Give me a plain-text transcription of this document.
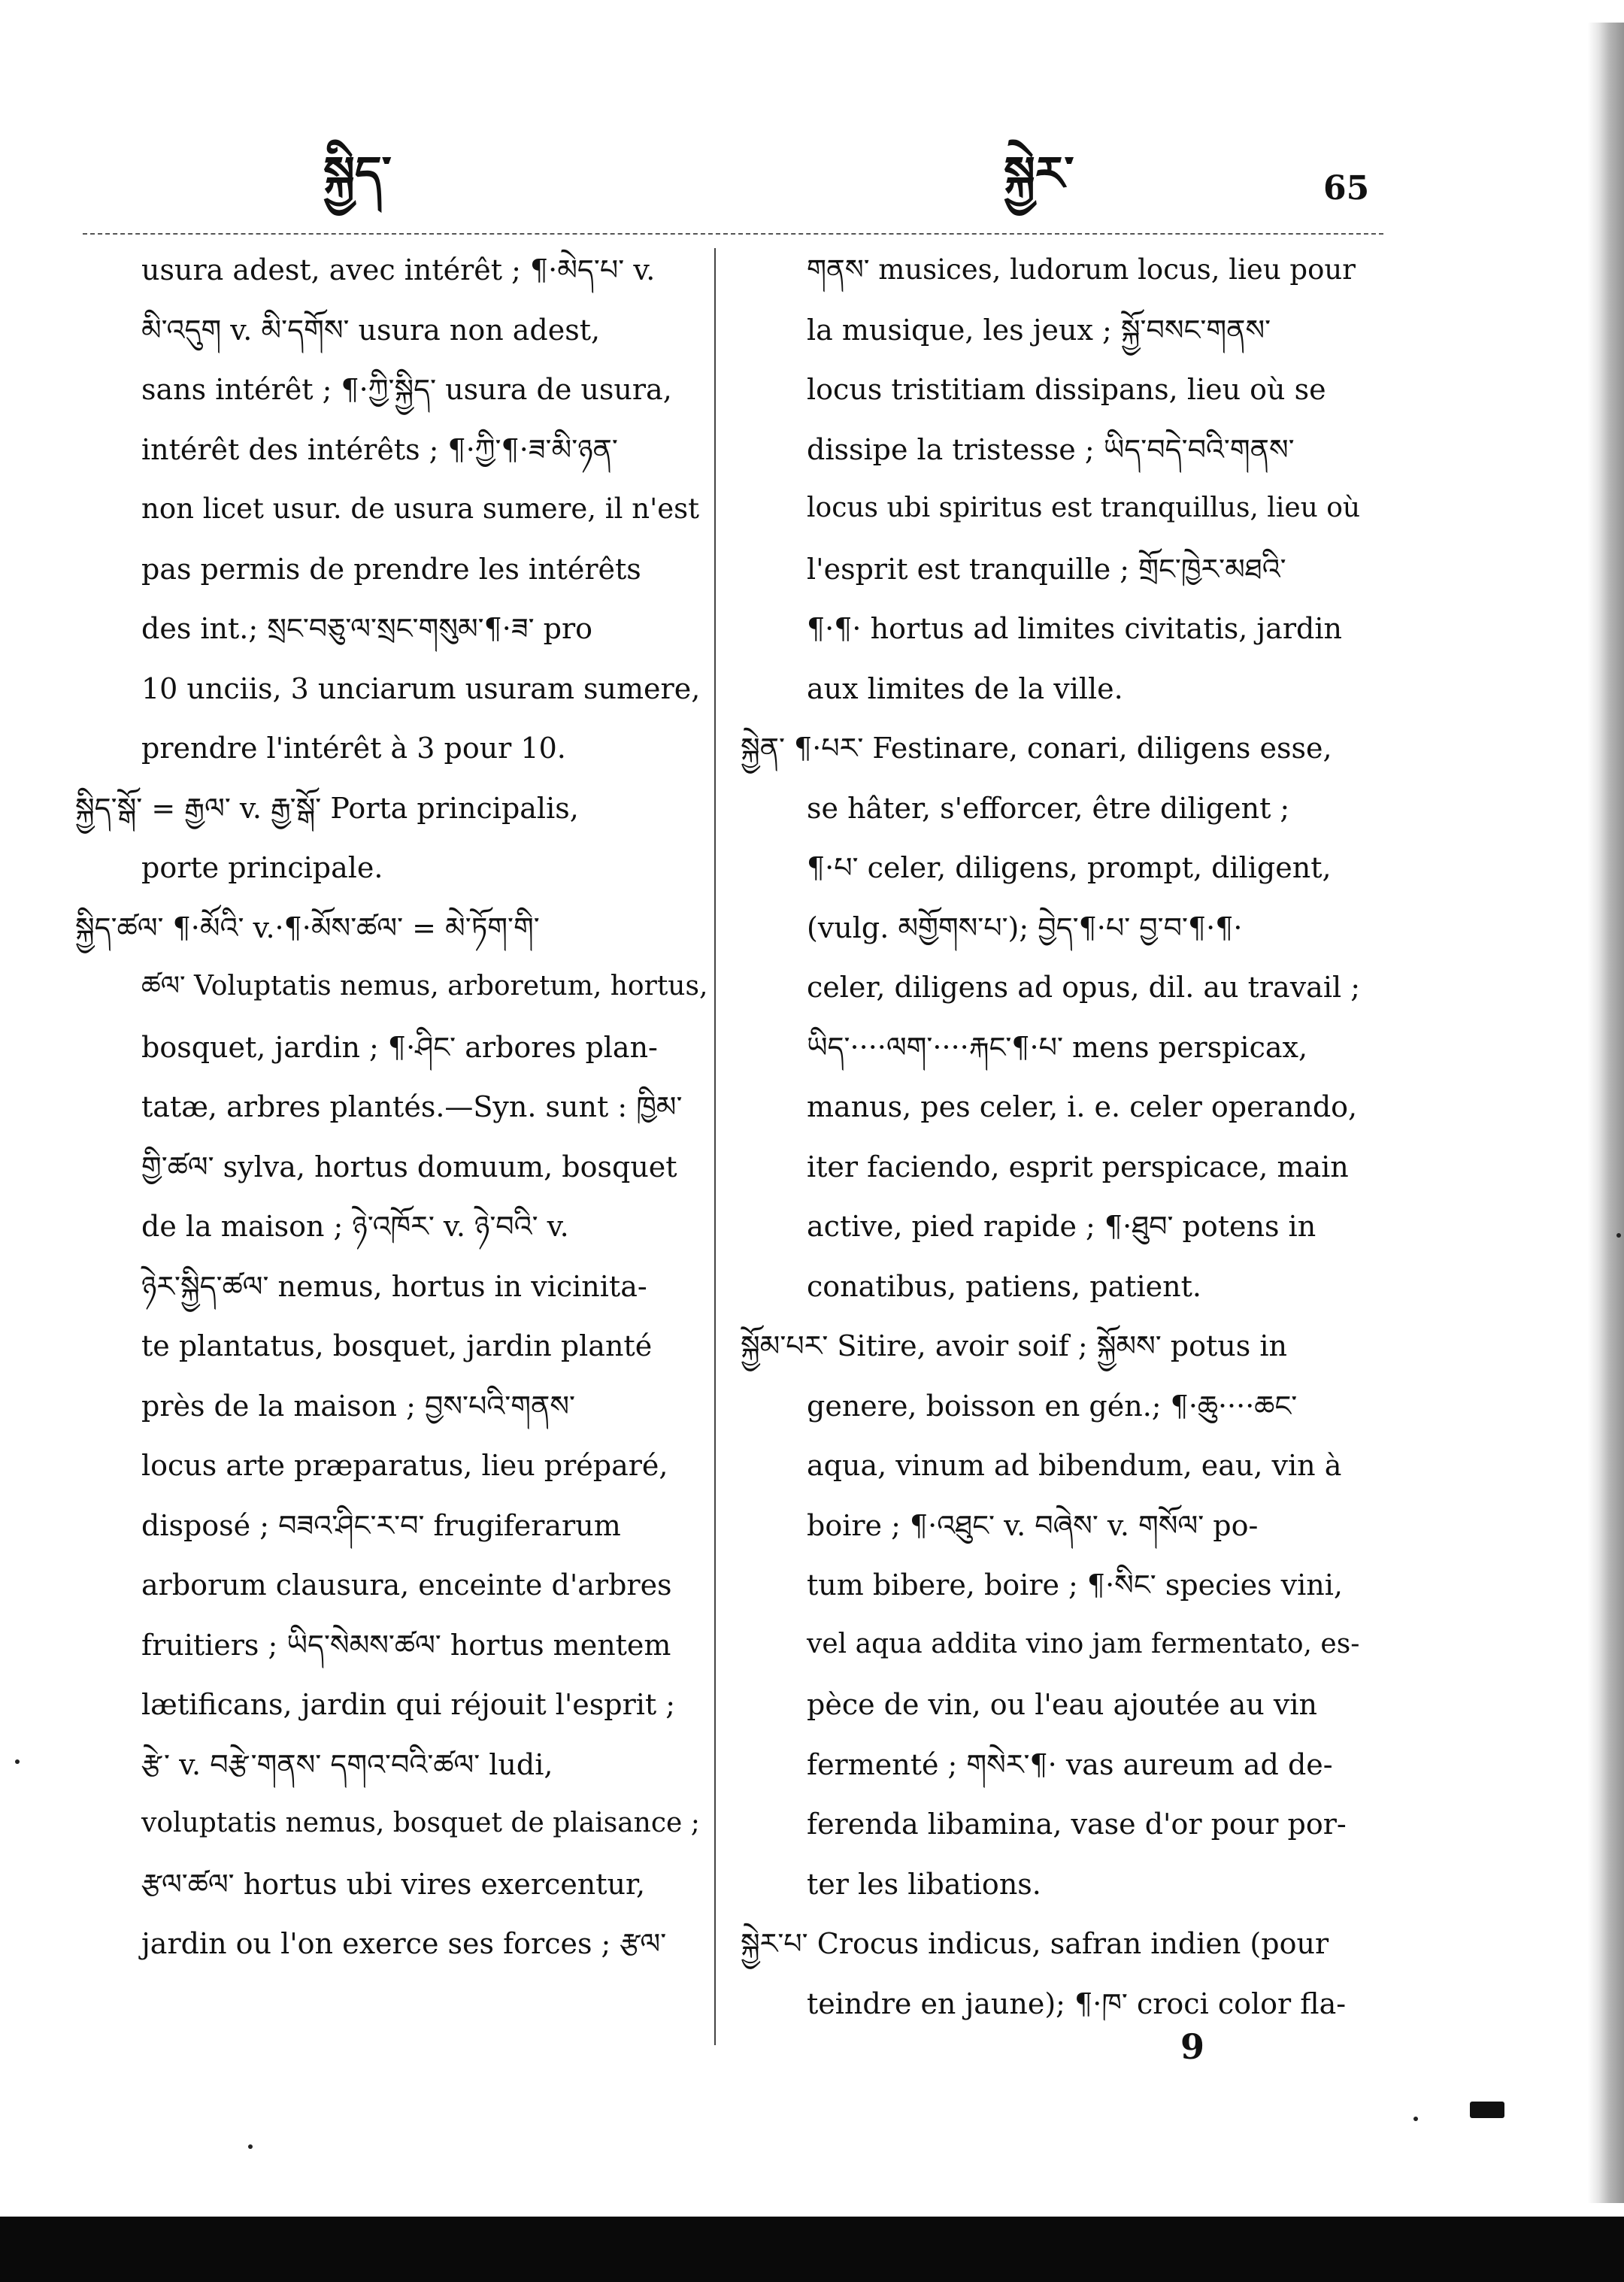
སྐྱིད་	སྐྱེར་	65
usura adest, avec intérêt ; ¶·མེད་པ་ v.
མི་འདུག v. མི་དགོས་ usura non adest,
sans intérêt ; ¶·ཀྱི་སྐྱིད་ usura de usura,
intérêt des intérêts ; ¶·ཀྱི་¶·ཟ་མི་ཉན་
non licet usur. de usura sumere, il n'est
pas permis de prendre les intérêts
des int.; སྲང་བཅུ་ལ་སྲང་གསུམ་¶·ཟ་ pro
10 unciis, 3 unciarum usuram sumere,
prendre l'intérêt à 3 pour 10.
སྐྱིད་སྒོ་ = རྒྱལ་ v. རྒྱ་སྒོ་ Porta principalis,
porte principale.
སྐྱིད་ཚལ་ ¶·མོའི་ v.·¶·མོས་ཚལ་ = མེ་ཏོག་གི་
ཚལ་ Voluptatis nemus, arboretum, hortus,
bosquet, jardin ; ¶·ཤིང་ arbores plan-
tatæ, arbres plantés.—Syn. sunt : ཁྱིམ་
གྱི་ཚལ་ sylva, hortus domuum, bosquet
de la maison ; ཉེ་འཁོར་ v. ཉེ་བའི་ v.
ཉེར་སྐྱིད་ཚལ་ nemus, hortus in vicinita-
te plantatus, bosquet, jardin planté
près de la maison ; བྱས་པའི་གནས་
locus arte præparatus, lieu préparé,
disposé ; བཟའ་ཤིང་ར་བ་ frugiferarum
arborum clausura, enceinte d'arbres
fruitiers ; ཡིད་སེམས་ཚལ་ hortus mentem
lætificans, jardin qui réjouit l'esprit ;
རྩེ་ v. བརྩེ་གནས་ དགའ་བའི་ཚལ་ ludi,
voluptatis nemus, bosquet de plaisance ;
རྩལ་ཚལ་ hortus ubi vires exercentur,
jardin ou l'on exerce ses forces ; རྩལ་
གནས་ musices, ludorum locus, lieu pour
la musique, les jeux ; སྐྱོ་བསང་གནས་
locus tristitiam dissipans, lieu où se
dissipe la tristesse ; ཡིད་བདེ་བའི་གནས་
locus ubi spiritus est tranquillus, lieu où
l'esprit est tranquille ; གྲོང་ཁྱེར་མཐའི་
¶·¶· hortus ad limites civitatis, jardin
aux limites de la ville.
སྐྱེན་ ¶·པར་ Festinare, conari, diligens esse,
se hâter, s'efforcer, être diligent ;
¶·པ་ celer, diligens, prompt, diligent,
(vulg. མགྱོགས་པ་); བྱེད་¶·པ་ བྱ་བ་¶·¶·
celer, diligens ad opus, dil. au travail ;
ཡིད་····ལག་····རྐང་¶·པ་ mens perspicax,
manus, pes celer, i. e. celer operando,
iter faciendo, esprit perspicace, main
active, pied rapide ; ¶·ཐུབ་ potens in
conatibus, patiens, patient.
སྐྱོམ་པར་ Sitire, avoir soif ; སྐྱོམས་ potus in
genere, boisson en gén.; ¶·ཆུ····ཆང་
aqua, vinum ad bibendum, eau, vin à
boire ; ¶·འཐུང་ v. བཞེས་ v. གསོལ་ po-
tum bibere, boire ; ¶·སིང་ species vini,
vel aqua addita vino jam fermentato, es-
pèce de vin, ou l'eau ajoutée au vin
fermenté ; གསེར་¶· vas aureum ad de-
ferenda libamina, vase d'or pour por-
ter les libations.
སྐྱེར་པ་ Crocus indicus, safran indien (pour
teindre en jaune); ¶·ཁ་ croci color fla-
9
